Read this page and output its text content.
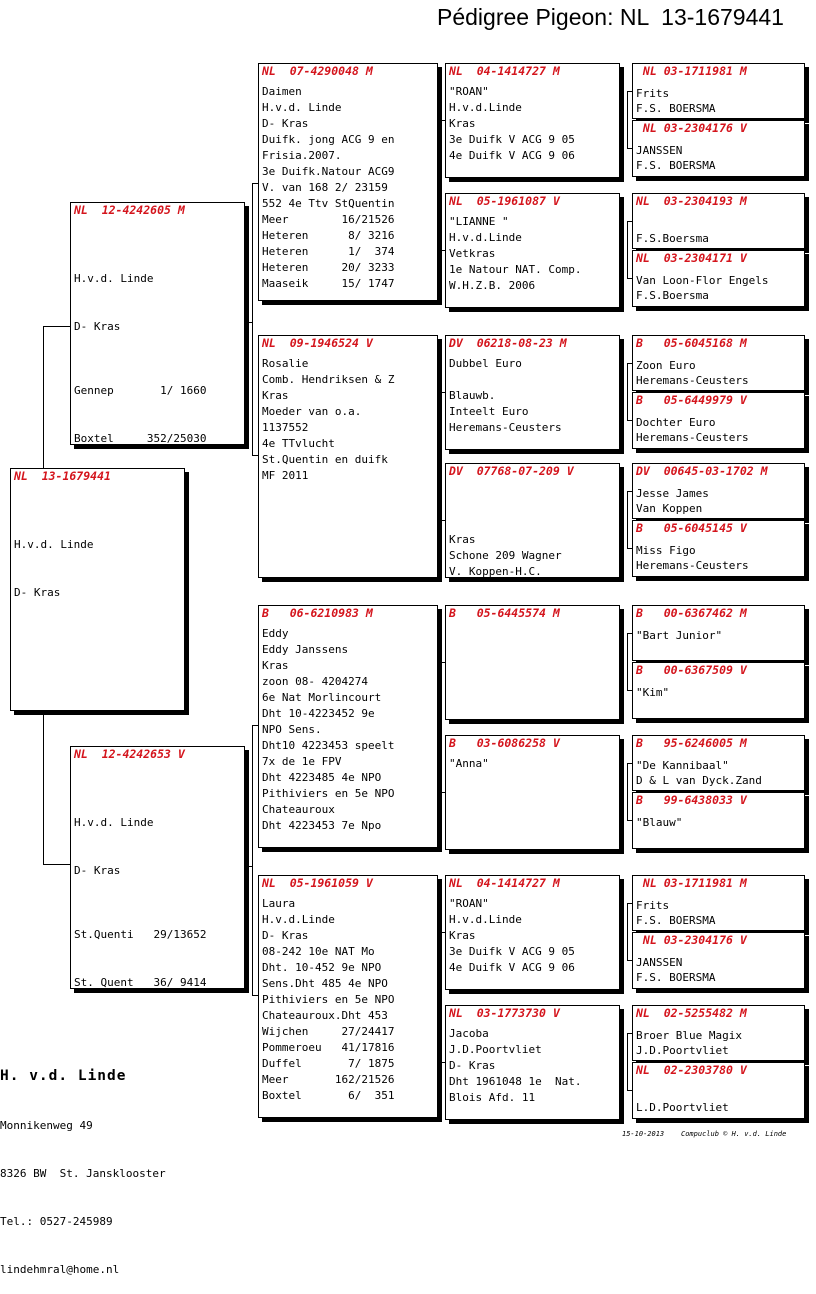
Pédigree Pigeon: NL  13-1679441
NL  13-1679441

H.v.d. Linde

D- Kras

NL  12-4242605 M

H.v.d. Linde

D- Kras

Gennep       1/ 1660

Boxtel     352/25030

NL  12-4242653 V

H.v.d. Linde

D- Kras

St.Quenti   29/13652

St. Quent   36/ 9414

NL  07-4290048 M
Daimen
H.v.d. Linde
D- Kras
Duifk. jong ACG 9 en
Frisia.2007.
3e Duifk.Natour ACG9
V. van 168 2/ 23159
552 4e Ttv StQuentin
Meer        16/21526
Heteren      8/ 3216
Heteren      1/  374
Heteren     20/ 3233
Maaseik     15/ 1747
NL  09-1946524 V
Rosalie
Comb. Hendriksen & Z
Kras
Moeder van o.a.
1137552
4e TTvlucht
St.Quentin en duifk
MF 2011
B   06-6210983 M
Eddy
Eddy Janssens
Kras
zoon 08- 4204274
6e Nat Morlincourt
Dht 10-4223452 9e
NPO Sens.
Dht10 4223453 speelt
7x de 1e FPV
Dht 4223485 4e NPO
Pithiviers en 5e NPO
Chateauroux
Dht 4223453 7e Npo
NL  05-1961059 V
Laura
H.v.d.Linde
D- Kras
08-242 10e NAT Mo
Dht. 10-452 9e NPO
Sens.Dht 485 4e NPO
Pithiviers en 5e NPO
Chateauroux.Dht 453
Wijchen     27/24417
Pommeroeu   41/17816
Duffel       7/ 1875
Meer       162/21526
Boxtel       6/  351
NL  04-1414727 M
"ROAN"
H.v.d.Linde
Kras
3e Duifk V ACG 9 05
4e Duifk V ACG 9 06
NL  05-1961087 V
"LIANNE "
H.v.d.Linde
Vetkras
1e Natour NAT. Comp.
W.H.Z.B. 2006
DV  06218-08-23 M
Dubbel Euro
Blauwb.
Inteelt Euro
Heremans-Ceusters
DV  07768-07-209 V
Kras
Schone 209 Wagner
V. Koppen-H.C.
B   05-6445574 M
B   03-6086258 V
"Anna"
NL  04-1414727 M
"ROAN"
H.v.d.Linde
Kras
3e Duifk V ACG 9 05
4e Duifk V ACG 9 06
NL  03-1773730 V
Jacoba
J.D.Poortvliet
D- Kras
Dht 1961048 1e  Nat.
Blois Afd. 11
NL 03-1711981 M
Frits
F.S. BOERSMA
NL 03-2304176 V
JANSSEN
F.S. BOERSMA
NL  03-2304193 M
F.S.Boersma
NL  03-2304171 V
Van Loon-Flor Engels
F.S.Boersma
B   05-6045168 M
Zoon Euro
Heremans-Ceusters
B   05-6449979 V
Dochter Euro
Heremans-Ceusters
DV  00645-03-1702 M
Jesse James
Van Koppen
B   05-6045145 V
Miss Figo
Heremans-Ceusters
B   00-6367462 M
"Bart Junior"
B   00-6367509 V
"Kim"
B   95-6246005 M
"De Kannibaal"
D & L van Dyck.Zand
B   99-6438033 V
"Blauw"
NL 03-1711981 M
Frits
F.S. BOERSMA
NL 03-2304176 V
JANSSEN
F.S. BOERSMA
NL  02-5255482 M
Broer Blue Magix
J.D.Poortvliet
NL  02-2303780 V
L.D.Poortvliet

H. v.d. Linde

Monnikenweg 49

8326 BW  St. Jansklooster

Tel.: 0527-245989

lindehmral@home.nl

15-10-2013    Compuclub © H. v.d. Linde
